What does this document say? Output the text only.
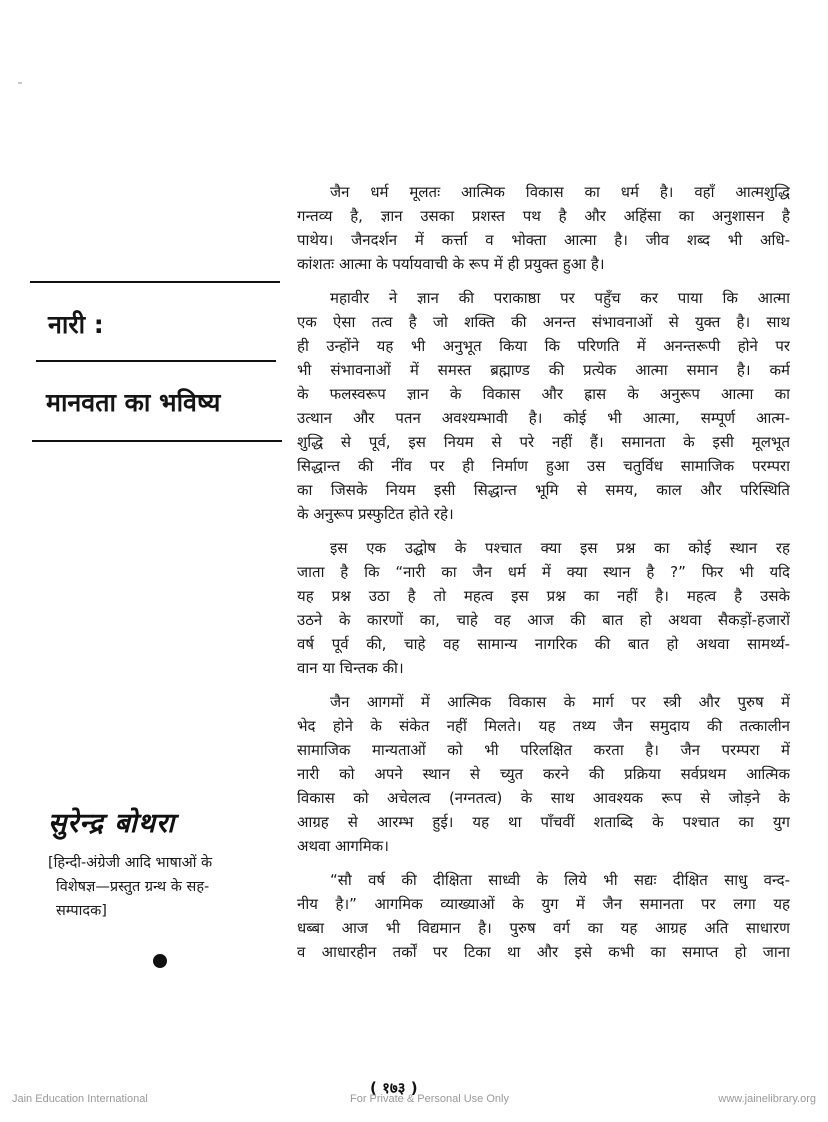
नारी :
मानवता का भविष्य
सुरेन्द्र बोथरा
[हिन्दी-अंग्रेजी आदि भाषाओं के
विशेषज्ञ—प्रस्तुत ग्रन्थ के सह-
सम्पादक]
जैन धर्म मूलतः आत्मिक विकास का धर्म है। वहाँ आत्मशुद्धि
गन्तव्य है, ज्ञान उसका प्रशस्त पथ है और अहिंसा का अनुशासन है
पाथेय। जैनदर्शन में कर्त्ता व भोक्ता आत्मा है। जीव शब्द भी अधि-
कांशतः आत्मा के पर्यायवाची के रूप में ही प्रयुक्त हुआ है।
महावीर ने ज्ञान की पराकाष्ठा पर पहुँच कर पाया कि आत्मा
एक ऐसा तत्व है जो शक्ति की अनन्त संभावनाओं से युक्त है। साथ
ही उन्होंने यह भी अनुभूत किया कि परिणति में अनन्तरूपी होने पर
भी संभावनाओं में समस्त ब्रह्माण्ड की प्रत्येक आत्मा समान है। कर्म
के फलस्वरूप ज्ञान के विकास और ह्रास के अनुरूप आत्मा का
उत्थान और पतन अवश्यम्भावी है। कोई भी आत्मा, सम्पूर्ण आत्म-
शुद्धि से पूर्व, इस नियम से परे नहीं हैं। समानता के इसी मूलभूत
सिद्धान्त की नींव पर ही निर्माण हुआ उस चतुर्विध सामाजिक परम्परा
का जिसके नियम इसी सिद्धान्त भूमि से समय, काल और परिस्थिति
के अनुरूप प्रस्फुटित होते रहे।
इस एक उद्घोष के पश्चात क्या इस प्रश्न का कोई स्थान रह
जाता है कि “नारी का जैन धर्म में क्या स्थान है ?” फिर भी यदि
यह प्रश्न उठा है तो महत्व इस प्रश्न का नहीं है। महत्व है उसके
उठने के कारणों का, चाहे वह आज की बात हो अथवा सैकड़ों-हजारों
वर्ष पूर्व की, चाहे वह सामान्य नागरिक की बात हो अथवा सामर्थ्य-
वान या चिन्तक की।
जैन आगमों में आत्मिक विकास के मार्ग पर स्त्री और पुरुष में
भेद होने के संकेत नहीं मिलते। यह तथ्य जैन समुदाय की तत्कालीन
सामाजिक मान्यताओं को भी परिलक्षित करता है। जैन परम्परा में
नारी को अपने स्थान से च्युत करने की प्रक्रिया सर्वप्रथम आत्मिक
विकास को अचेलत्व (नग्नतत्व) के साथ आवश्यक रूप से जोड़ने के
आग्रह से आरम्भ हुई। यह था पाँचवीं शताब्दि के पश्चात का युग
अथवा आगमिक।
“सौ वर्ष की दीक्षिता साध्वी के लिये भी सद्यः दीक्षित साधु वन्द-
नीय है।” आगमिक व्याख्याओं के युग में जैन समानता पर लगा यह
धब्बा आज भी विद्यमान है। पुरुष वर्ग का यह आग्रह अति साधारण
व आधारहीन तर्कों पर टिका था और इसे कभी का समाप्त हो जाना
( १७३ )
Jain Education International	For Private & Personal Use Only	www.jainelibrary.org
